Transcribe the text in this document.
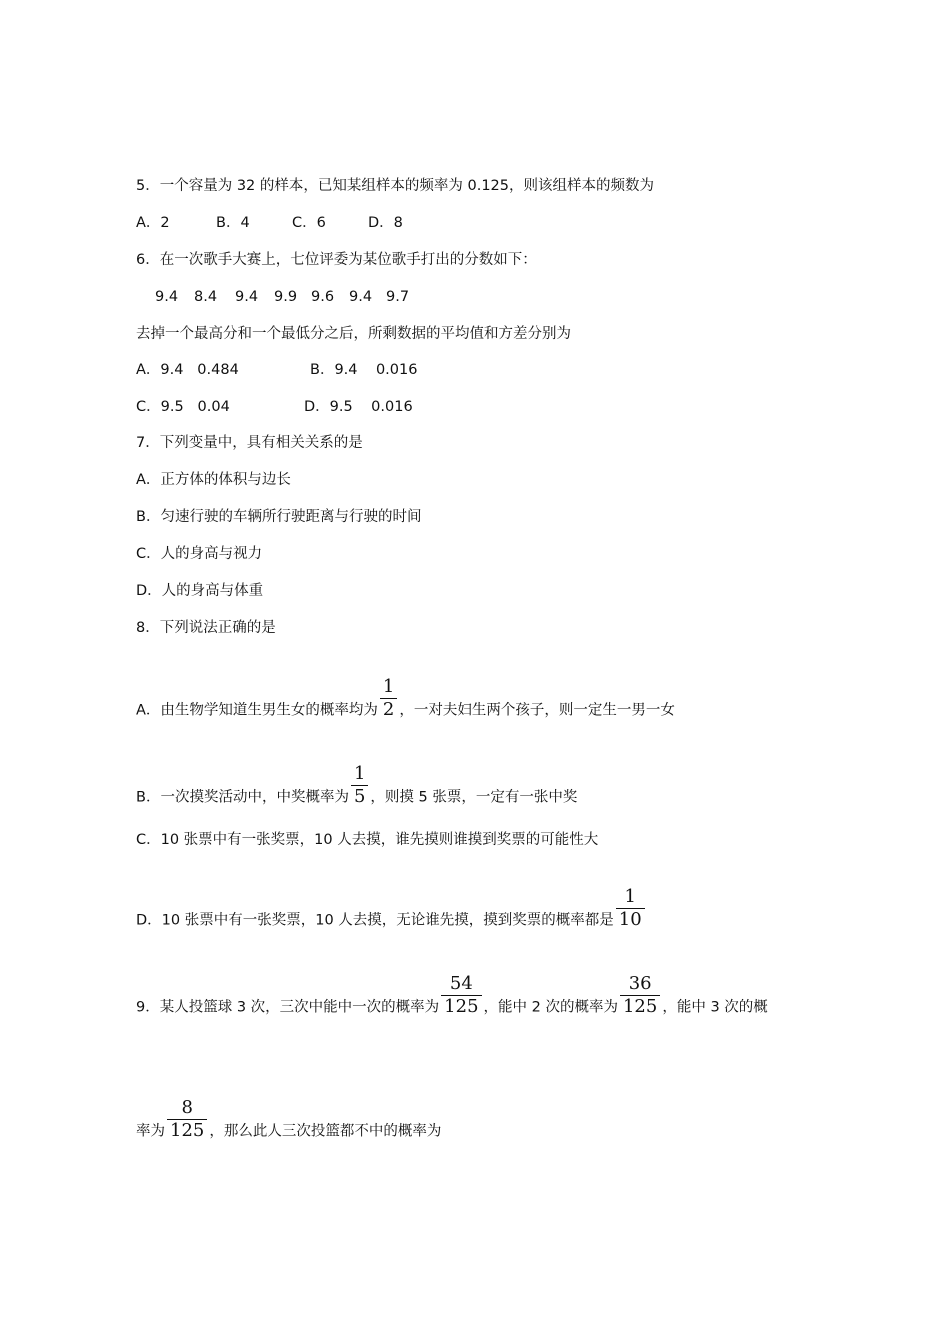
5．一个容量为 32 的样本，已知某组样本的频率为 0.125，则该组样本的频数为
A．2	B．4	C．6	D．8
6．在一次歌手大赛上，七位评委为某位歌手打出的分数如下：
9.4 8.4 9.4 9.9 9.6 9.4 9.7
去掉一个最高分和一个最低分之后，所剩数据的平均值和方差分别为
A．9.4   0.484	B．9.4    0.016
C．9.5   0.04	D．9.5    0.016
7．下列变量中，具有相关关系的是
A．正方体的体积与边长
B．匀速行驶的车辆所行驶距离与行驶的时间
C．人的身高与视力
D．人的身高与体重
8．下列说法正确的是
A．由生物学知道生男生女的概率均为 $\frac{1}{2}$ ，一对夫妇生两个孩子，则一定生一男一女
B．一次摸奖活动中，中奖概率为 $\frac{1}{5}$ ，则摸 5 张票，一定有一张中奖
C．10 张票中有一张奖票，10 人去摸，谁先摸则谁摸到奖票的可能性大
D．10 张票中有一张奖票，10 人去摸，无论谁先摸，摸到奖票的概率都是 $\frac{1}{10}$
9．某人投篮球 3 次，三次中能中一次的概率为 $\frac{54}{125}$ ，能中 2 次的概率为 $\frac{36}{125}$ ，能中 3 次的概
率为 $\frac{8}{125}$ ，那么此人三次投篮都不中的概率为
